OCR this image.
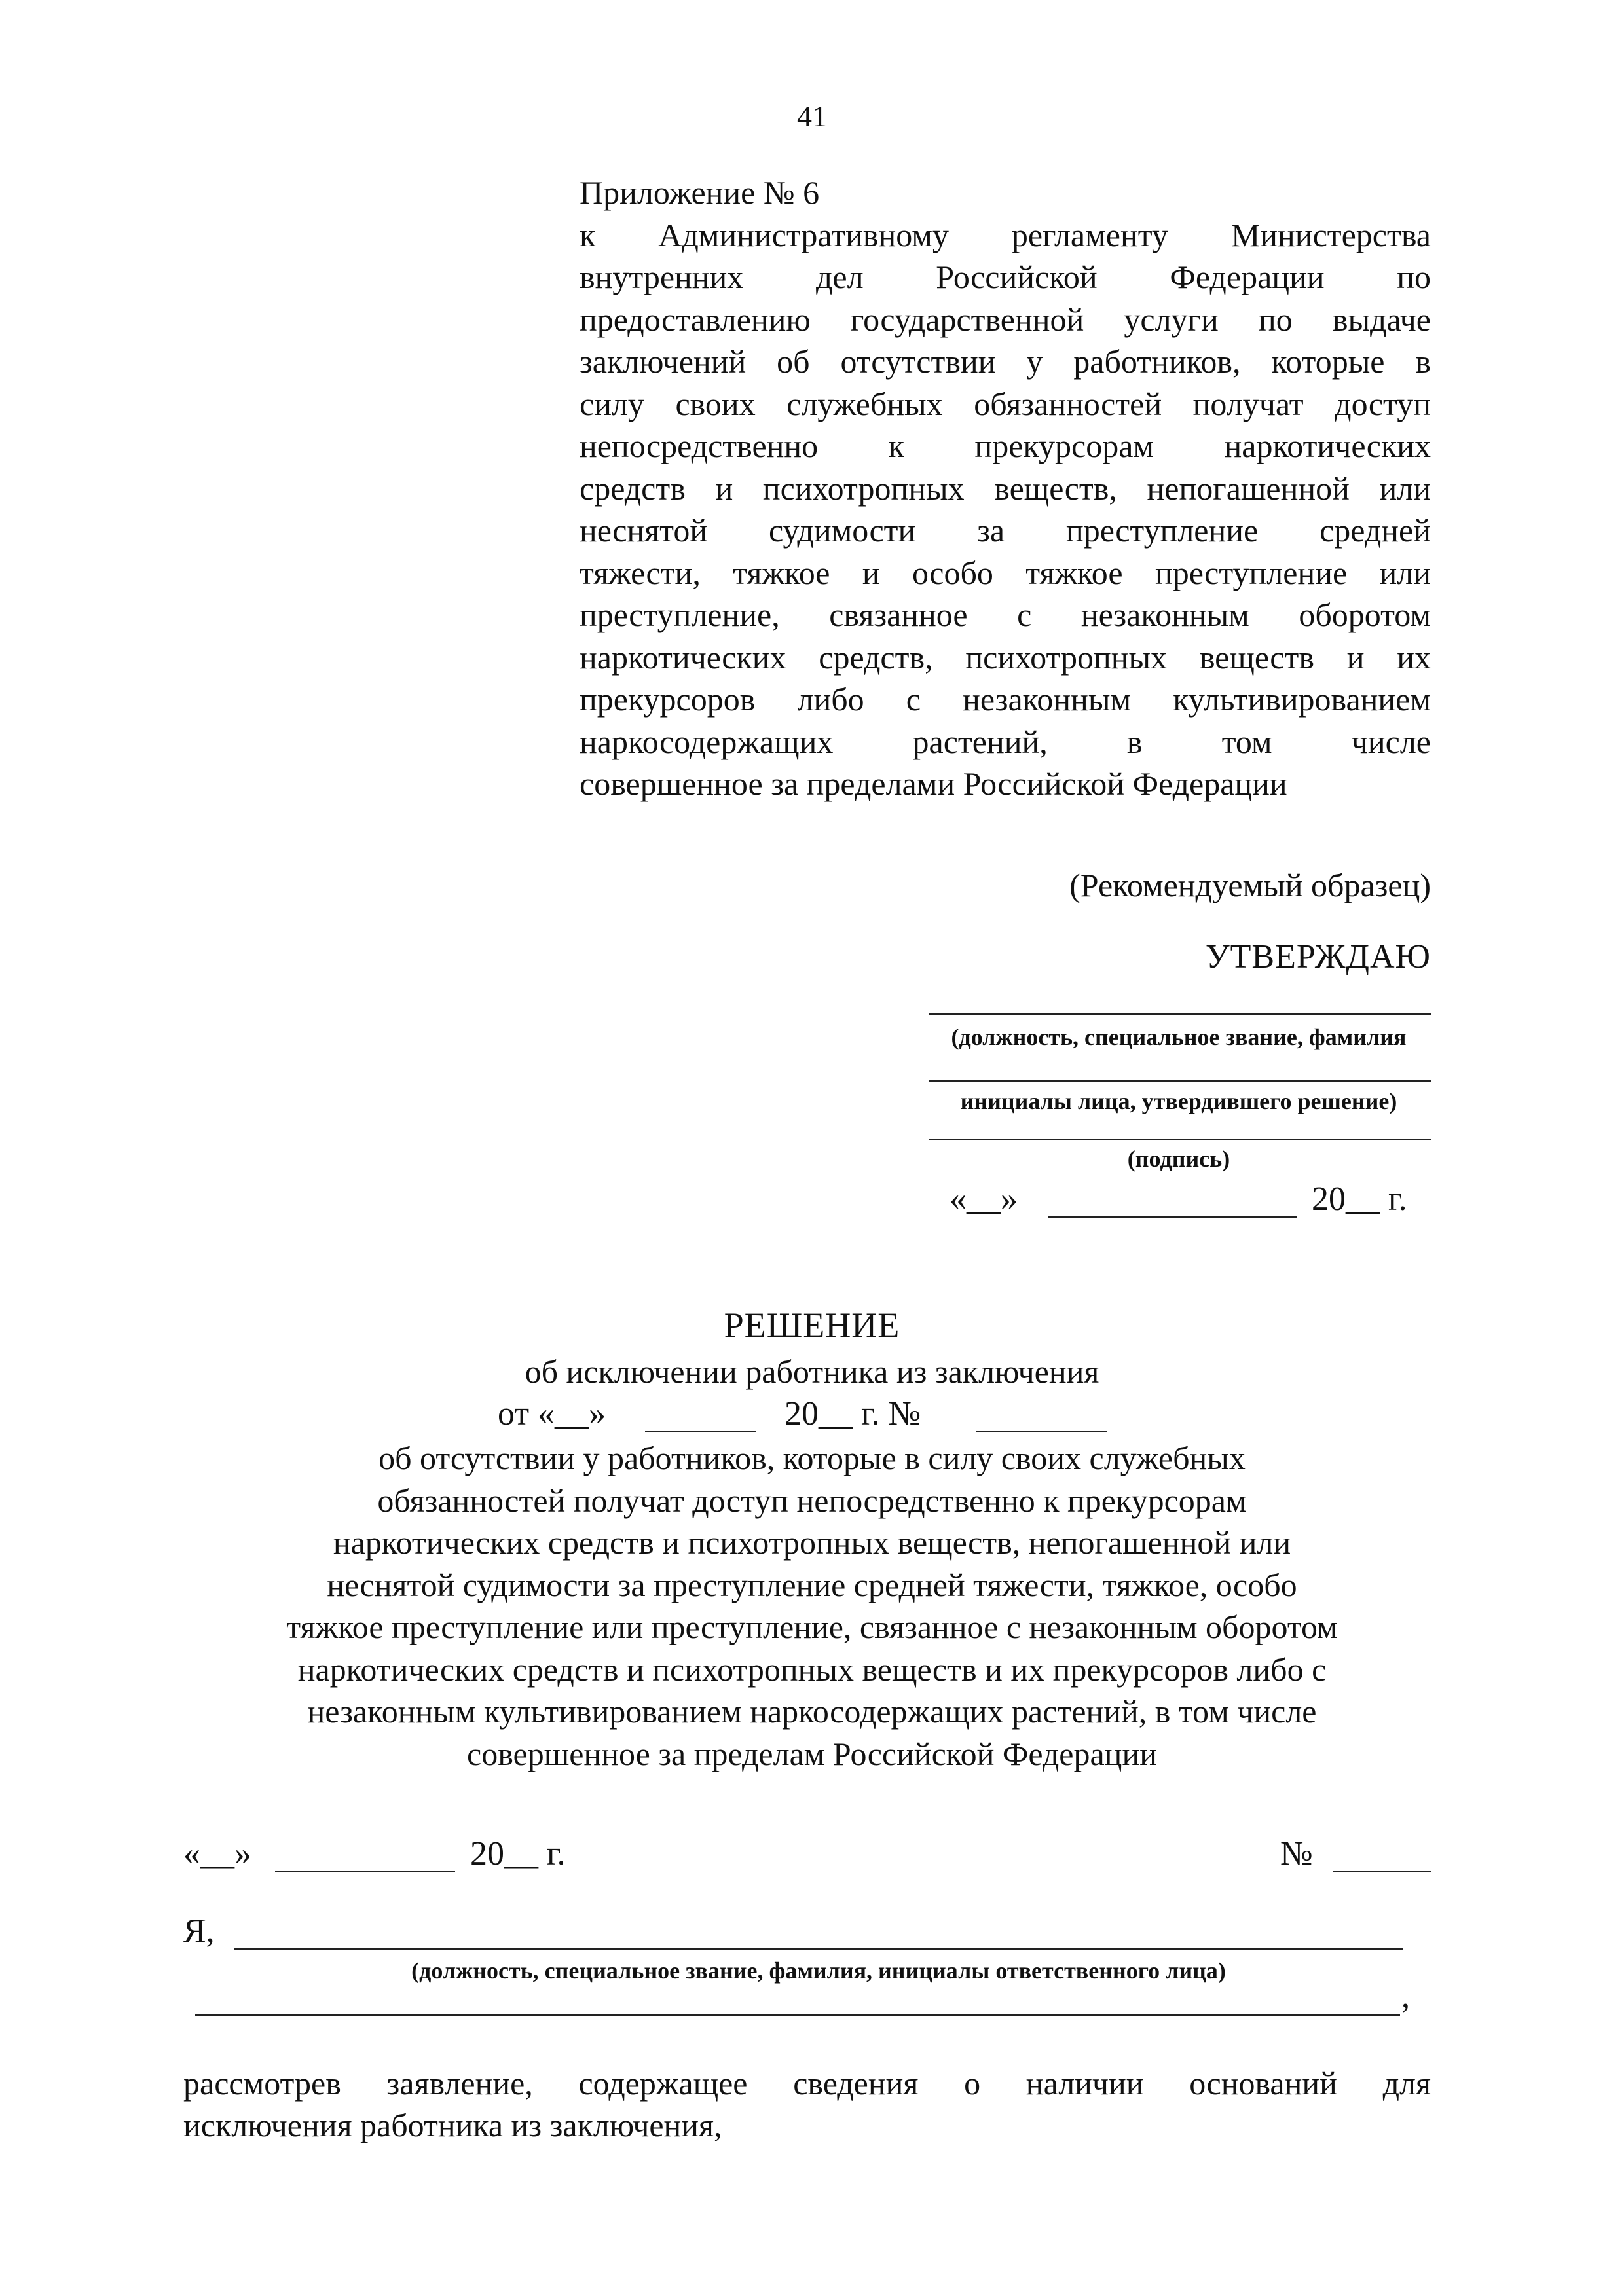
41
Приложение № 6
к Административному регламенту Министерства
внутренних дел Российской Федерации по
предоставлению государственной услуги по выдаче
заключений об отсутствии у работников, которые в
силу своих служебных обязанностей получат доступ
непосредственно к прекурсорам наркотических
средств и психотропных веществ, непогашенной или
неснятой судимости за преступление средней
тяжести, тяжкое и особо тяжкое преступление или
преступление, связанное с незаконным оборотом
наркотических средств, психотропных веществ и их
прекурсоров либо с незаконным культивированием
наркосодержащих растений, в том числе
совершенное за пределами Российской Федерации
(Рекомендуемый образец)
УТВЕРЖДАЮ
(должность, специальное звание, фамилия
инициалы лица, утвердившего решение)
(подпись)
«__»	20__ г.
РЕШЕНИЕ
об исключении работника из заключения
от «__»	20__ г. №
об отсутствии у работников, которые в силу своих служебных
обязанностей получат доступ непосредственно к прекурсорам
наркотических средств и психотропных веществ, непогашенной или
неснятой судимости за преступление средней тяжести, тяжкое, особо
тяжкое преступление или преступление, связанное с незаконным оборотом
наркотических средств и психотропных веществ и их прекурсоров либо с
незаконным культивированием наркосодержащих растений, в том числе
совершенное за пределам Российской Федерации
«__»	20__ г.	№
Я,
(должность, специальное звание, фамилия, инициалы ответственного лица)
,
рассмотрев заявление, содержащее сведения о наличии оснований для
исключения работника из заключения,
